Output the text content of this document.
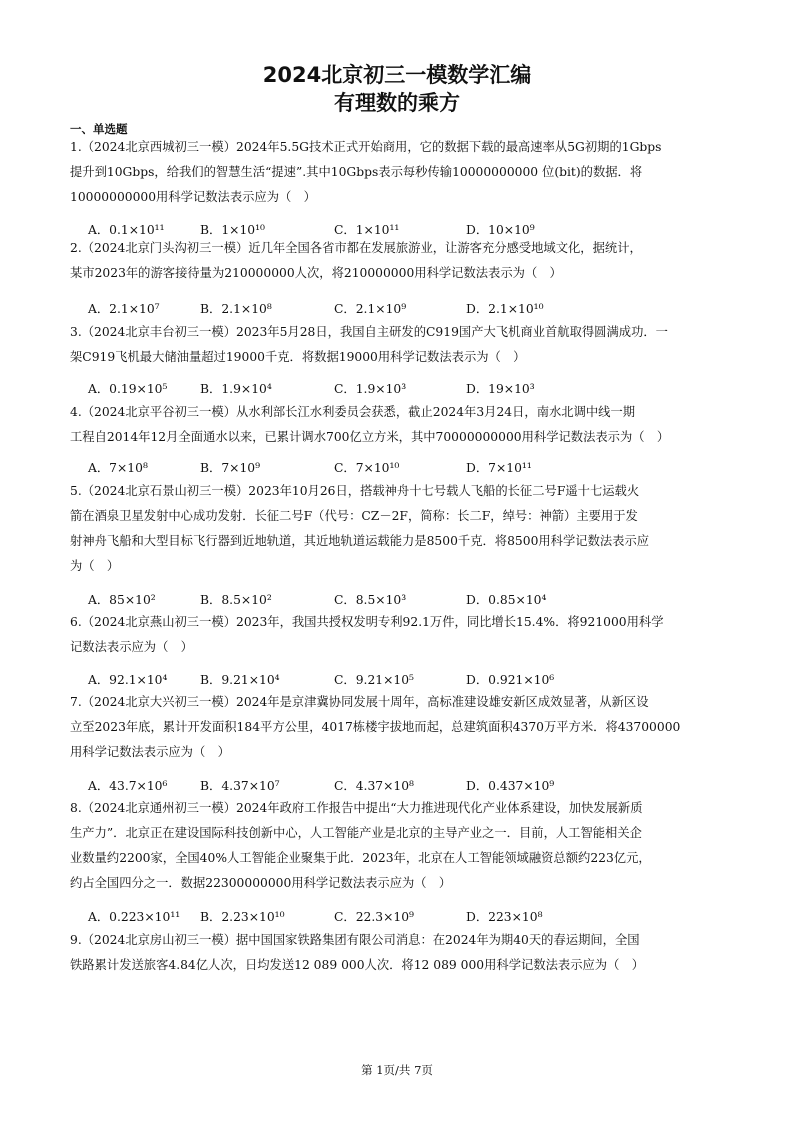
2024北京初三一模数学汇编
有理数的乘方
一、单选题

1.（2024北京西城初三一模）2024年5.5G技术正式开始商用，它的数据下载的最高速率从5G初期的1Gbps

提升到10Gbps，给我们的智慧生活“提速”.其中10Gbps表示每秒传输10000000000 位(bit)的数据．将

10000000000用科学记数法表示应为（　）

A．0.1×10¹¹	B．1×10¹⁰	C．1×10¹¹	D．10×10⁹

2.（2024北京门头沟初三一模）近几年全国各省市都在发展旅游业，让游客充分感受地域文化，据统计，

某市2023年的游客接待量为210000000人次，将210000000用科学记数法表示为（　）

A．2.1×10⁷	B．2.1×10⁸	C．2.1×10⁹	D．2.1×10¹⁰

3.（2024北京丰台初三一模）2023年5月28日，我国自主研发的C919国产大飞机商业首航取得圆满成功．一

架C919飞机最大储油量超过19000千克．将数据19000用科学记数法表示为（　）

A．0.19×10⁵	B．1.9×10⁴	C．1.9×10³	D．19×10³

4.（2024北京平谷初三一模）从水利部长江水利委员会获悉，截止2024年3月24日，南水北调中线一期

工程自2014年12月全面通水以来，已累计调水700亿立方米，其中70000000000用科学记数法表示为（　）

A．7×10⁸	B．7×10⁹	C．7×10¹⁰	D．7×10¹¹

5.（2024北京石景山初三一模）2023年10月26日，搭载神舟十七号载人飞船的长征二号F遥十七运载火

箭在酒泉卫星发射中心成功发射．长征二号F（代号：CZ－2F，简称：长二F，绰号：神箭）主要用于发

射神舟飞船和大型目标飞行器到近地轨道，其近地轨道运载能力是8500千克．将8500用科学记数法表示应

为（　）

A．85×10²	B．8.5×10²	C．8.5×10³	D．0.85×10⁴

6.（2024北京燕山初三一模）2023年，我国共授权发明专利92.1万件，同比增长15.4%．将921000用科学

记数法表示应为（　）

A．92.1×10⁴	B．9.21×10⁴	C．9.21×10⁵	D．0.921×10⁶

7.（2024北京大兴初三一模）2024年是京津冀协同发展十周年，高标准建设雄安新区成效显著，从新区设

立至2023年底，累计开发面积184平方公里，4017栋楼宇拔地而起，总建筑面积4370万平方米．将43700000

用科学记数法表示应为（　）

A．43.7×10⁶	B．4.37×10⁷	C．4.37×10⁸	D．0.437×10⁹

8.（2024北京通州初三一模）2024年政府工作报告中提出“大力推进现代化产业体系建设，加快发展新质

生产力”．北京正在建设国际科技创新中心，人工智能产业是北京的主导产业之一．目前，人工智能相关企

业数量约2200家，全国40%人工智能企业聚集于此．2023年，北京在人工智能领域融资总额约223亿元，

约占全国四分之一．数据22300000000用科学记数法表示应为（　）

A．0.223×10¹¹ B．2.23×10¹⁰	C．22.3×10⁹	D．223×10⁸

9.（2024北京房山初三一模）据中国国家铁路集团有限公司消息：在2024年为期40天的春运期间，全国

铁路累计发送旅客4.84亿人次，日均发送12 089 000人次．将12 089 000用科学记数法表示应为（　）

第 1页/共 7页
